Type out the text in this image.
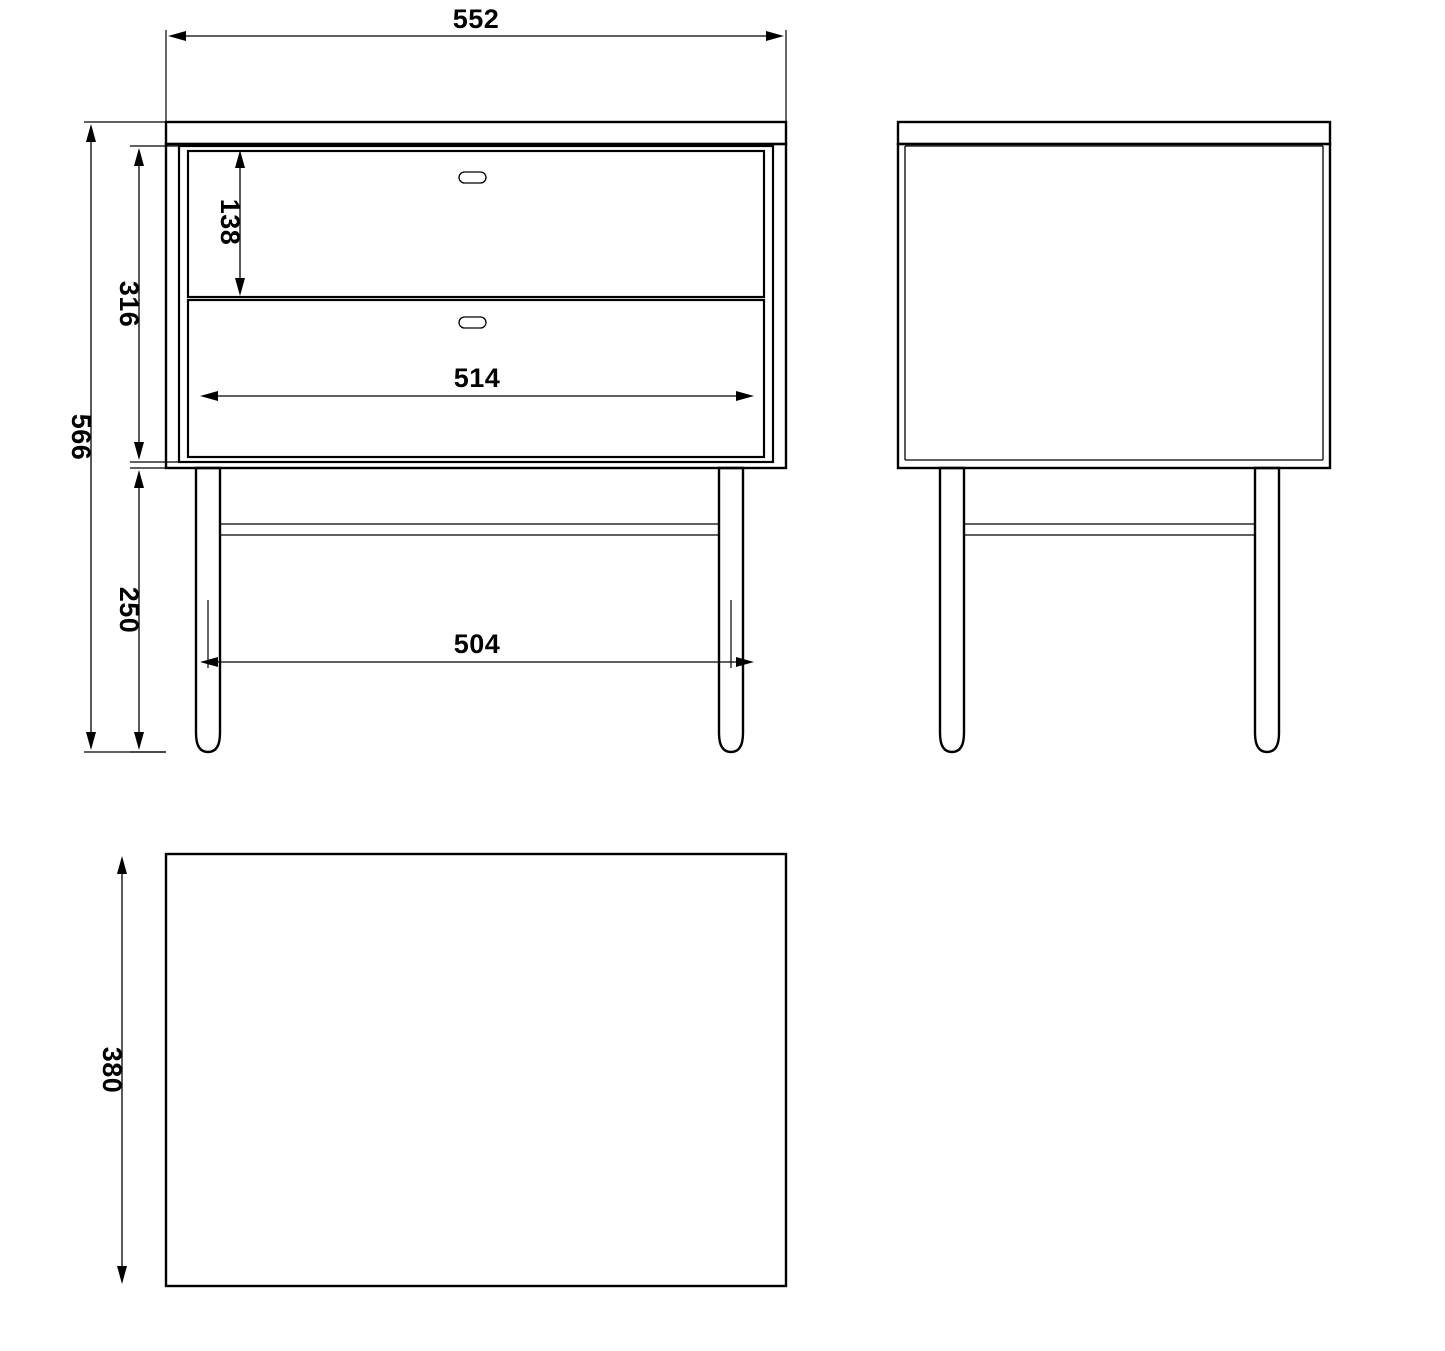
552
566
316
138
514
504
250
380
